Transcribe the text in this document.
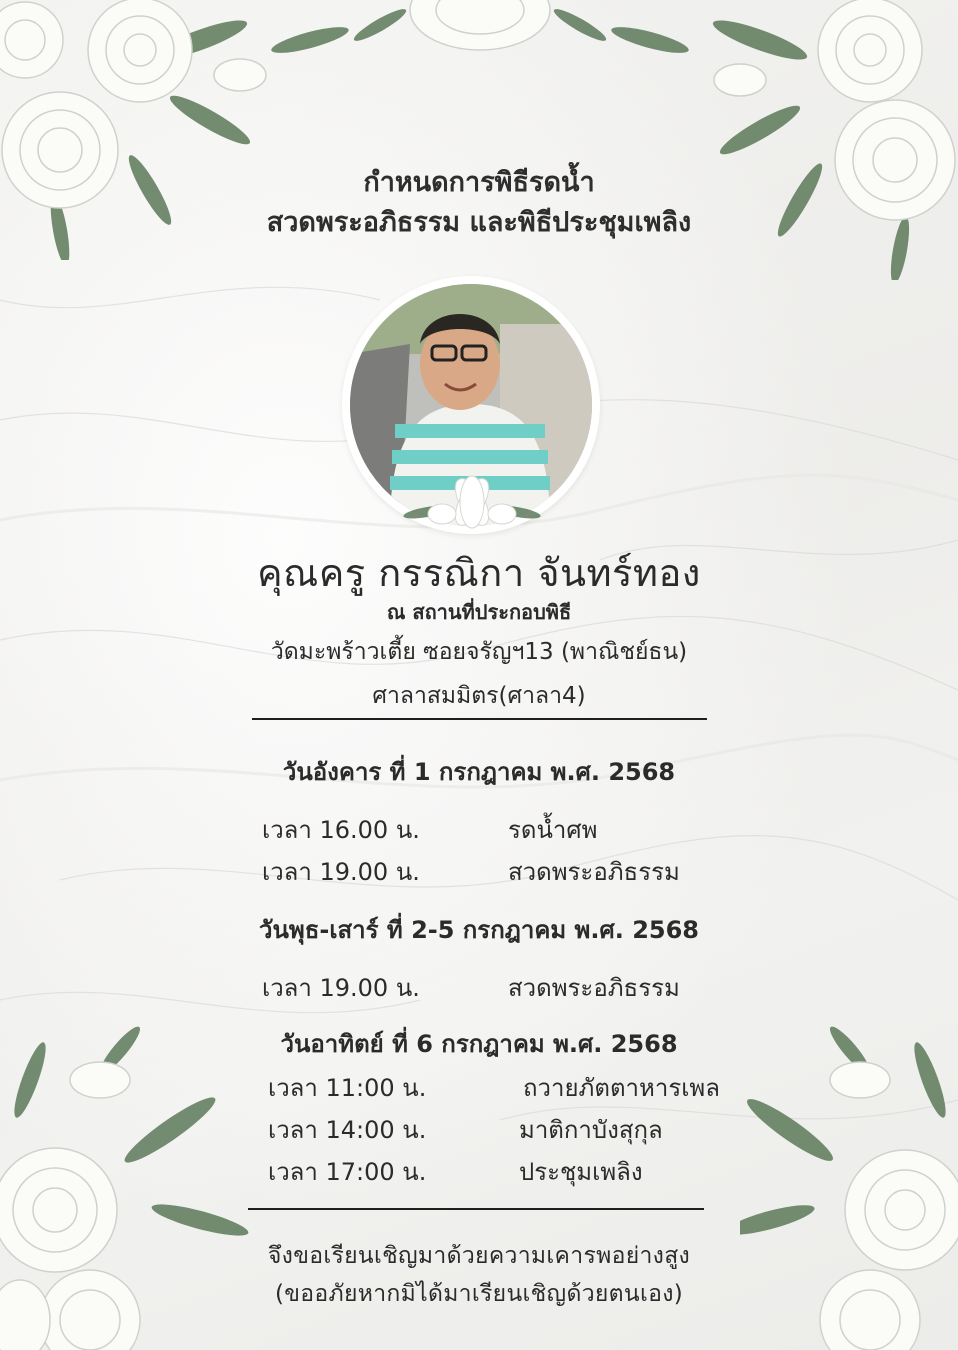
กำหนดการพิธีรดน้ำ
สวดพระอภิธรรม และพิธีประชุมเพลิง
คุณครู กรรณิกา จันทร์ทอง
ณ สถานที่ประกอบพิธี
วัดมะพร้าวเตี้ย ซอยจรัญฯ13 (พาณิชย์ธน)
ศาลาสมมิตร(ศาลา4)
วันอังคาร ที่ 1 กรกฎาคม พ.ศ. 2568
เวลา 16.00 น.	รดน้ำศพ
เวลา 19.00 น.	สวดพระอภิธรรม
วันพุธ-เสาร์ ที่ 2-5 กรกฎาคม พ.ศ. 2568
เวลา 19.00 น.	สวดพระอภิธรรม
วันอาทิตย์ ที่ 6 กรกฎาคม พ.ศ. 2568
เวลา 11:00 น.	ถวายภัตตาหารเพล
เวลา 14:00 น.	มาติกาบังสุกุล
เวลา 17:00 น.	ประชุมเพลิง
จึงขอเรียนเชิญมาด้วยความเคารพอย่างสูง
(ขออภัยหากมิได้มาเรียนเชิญด้วยตนเอง)
